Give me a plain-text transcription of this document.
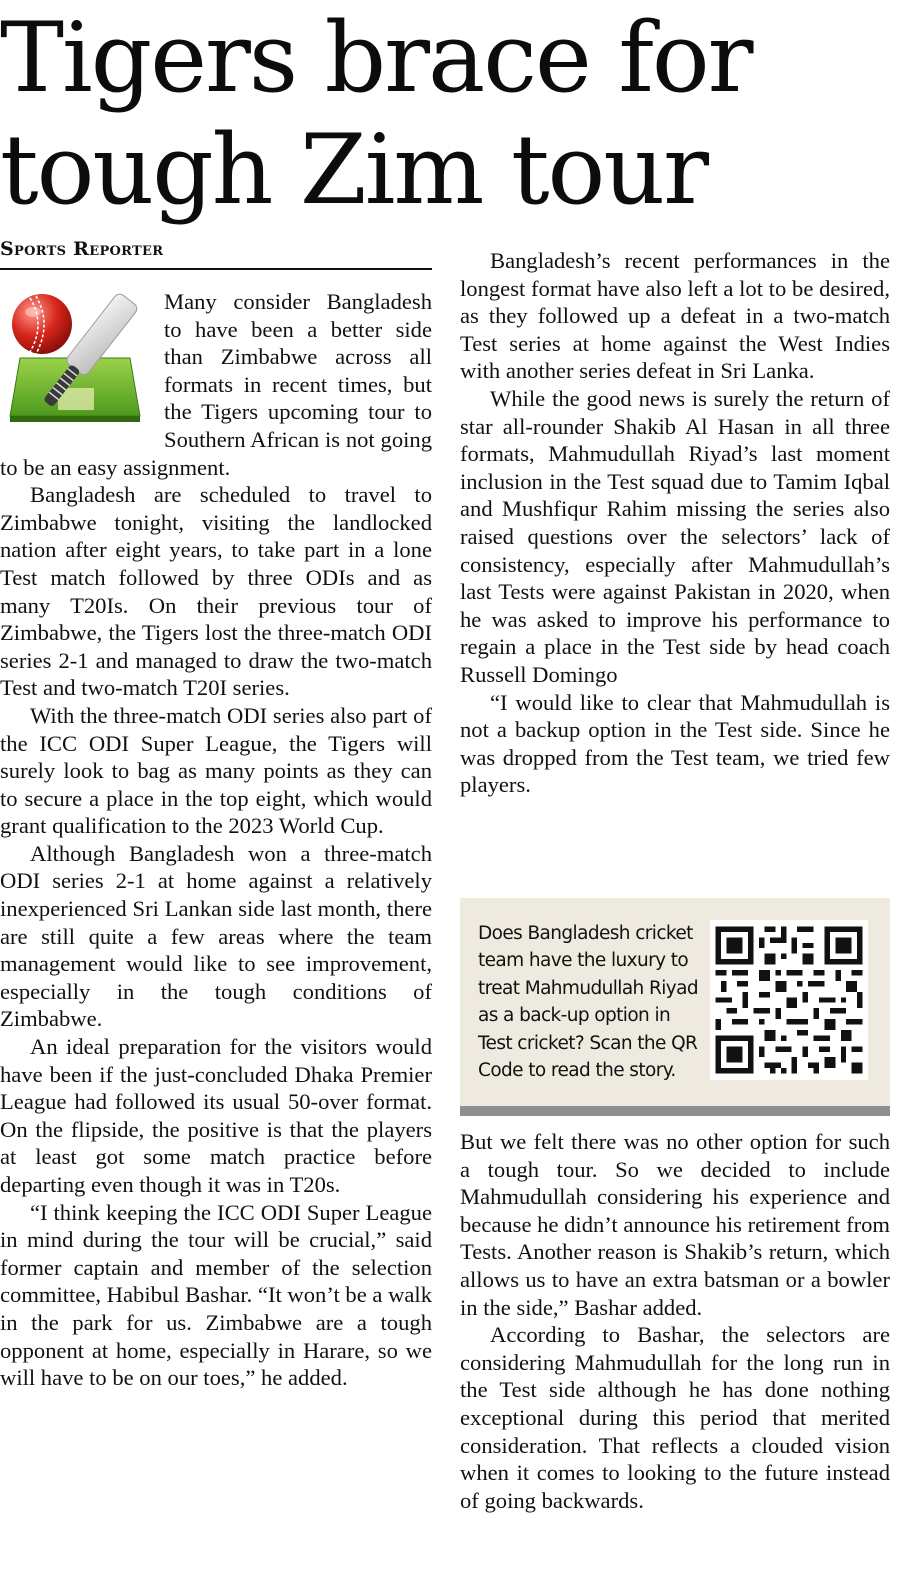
Tigers brace for
tough Zim tour
Sports Reporter

Many consider Bangladesh to have been a better side than Zimbabwe across all formats in recent times, but the Tigers upcoming tour to Southern African is not going to be an easy assignment.

Bangladesh are scheduled to travel to Zimbabwe tonight, visiting the landlocked nation after eight years, to take part in a lone Test match followed by three ODIs and as many T20Is. On their previous tour of Zimbabwe, the Tigers lost the three-match ODI series 2-1 and managed to draw the two-match Test and two-match T20I series.

With the three-match ODI series also part of the ICC ODI Super League, the Tigers will surely look to bag as many points as they can to secure a place in the top eight, which would grant qualification to the 2023 World Cup.

Although Bangladesh won a three-match ODI series 2-1 at home against a relatively inexperienced Sri Lankan side last month, there are still quite a few areas where the team management would like to see improvement, especially in the tough conditions of Zimbabwe.

An ideal preparation for the visitors would have been if the just-concluded Dhaka Premier League had followed its usual 50-over format. On the flipside, the positive is that the players at least got some match practice before departing even though it was in T20s.

“I think keeping the ICC ODI Super League in mind during the tour will be crucial,” said former captain and member of the selection committee, Habibul Bashar. “It won’t be a walk in the park for us. Zimbabwe are a tough opponent at home, especially in Harare, so we will have to be on our toes,” he added.

Bangladesh’s recent performances in the longest format have also left a lot to be desired, as they followed up a defeat in a two-match Test series at home against the West Indies with another series defeat in Sri Lanka.

While the good news is surely the return of star all-rounder Shakib Al Hasan in all three formats, Mahmudullah Riyad’s last moment inclusion in the Test squad due to Tamim Iqbal and Mushfiqur Rahim missing the series also raised questions over the selectors’ lack of consistency, especially after Mahmudullah’s last Tests were against Pakistan in 2020, when he was asked to improve his performance to regain a place in the Test side by head coach Russell Domingo

“I would like to clear that Mahmudullah is not a backup option in the Test side. Since he was dropped from the Test team, we tried few players.

Does Bangladesh cricket team have the luxury to treat Mahmudullah Riyad as a back-up option in Test cricket? Scan the QR Code to read the story.

But we felt there was no other option for such a tough tour. So we decided to include Mahmudullah considering his experience and because he didn’t announce his retirement from Tests. Another reason is Shakib’s return, which allows us to have an extra batsman or a bowler in the side,” Bashar added.

According to Bashar, the selectors are considering Mahmudullah for the long run in the Test side although he has done nothing exceptional during this period that merited consideration. That reflects a clouded vision when it comes to looking to the future instead of going backwards.
